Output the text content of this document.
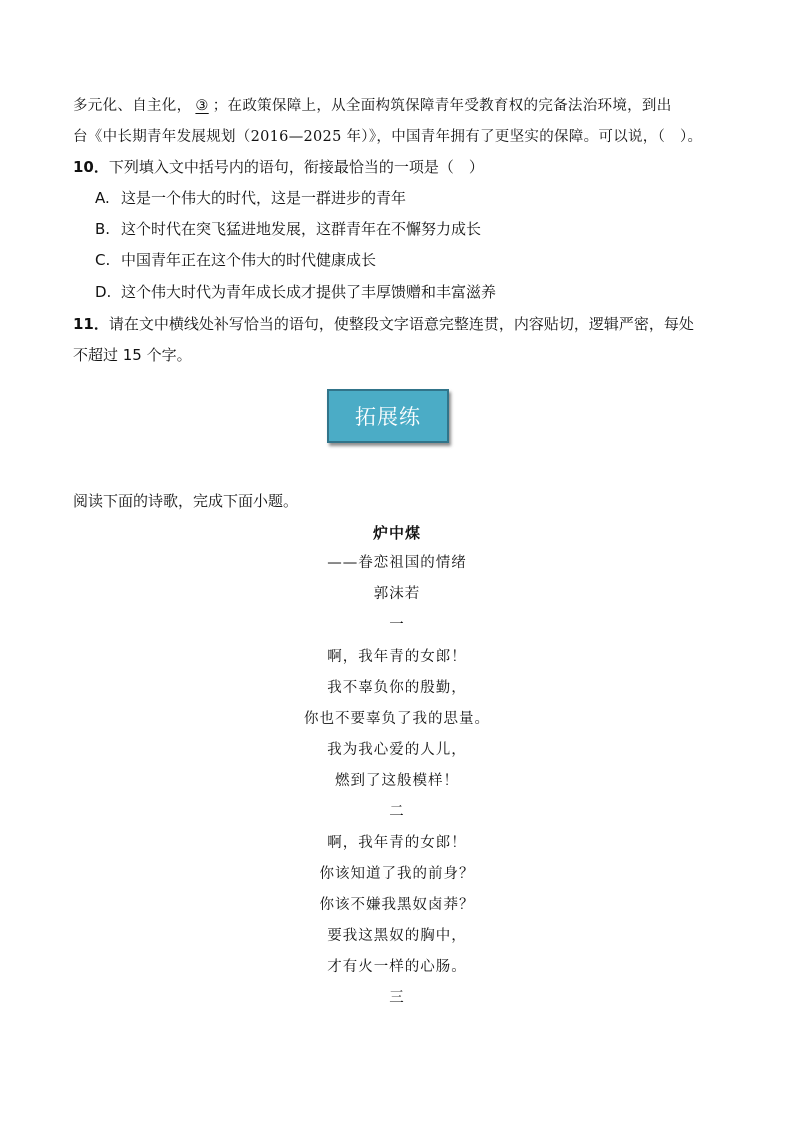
多元化、自主化， ③ ；在政策保障上，从全面构筑保障青年受教育权的完备法治环境，到出
台《中长期青年发展规划（2016—2025 年）》，中国青年拥有了更坚实的保障。可以说，（　）。
10．下列填入文中括号内的语句，衔接最恰当的一项是（　）
A. 这是一个伟大的时代，这是一群进步的青年
B. 这个时代在突飞猛进地发展，这群青年在不懈努力成长
C. 中国青年正在这个伟大的时代健康成长
D. 这个伟大时代为青年成长成才提供了丰厚馈赠和丰富滋养
11．请在文中横线处补写恰当的语句，使整段文字语意完整连贯，内容贴切，逻辑严密，每处
不超过 15 个字。
拓展练
阅读下面的诗歌，完成下面小题。
炉中煤
——眷恋祖国的情绪
郭沫若
一
啊，我年青的女郎！
我不辜负你的殷勤，
你也不要辜负了我的思量。
我为我心爱的人儿，
燃到了这般模样！
二
啊，我年青的女郎！
你该知道了我的前身？
你该不嫌我黑奴卤莽？
要我这黑奴的胸中，
才有火一样的心肠。
三
